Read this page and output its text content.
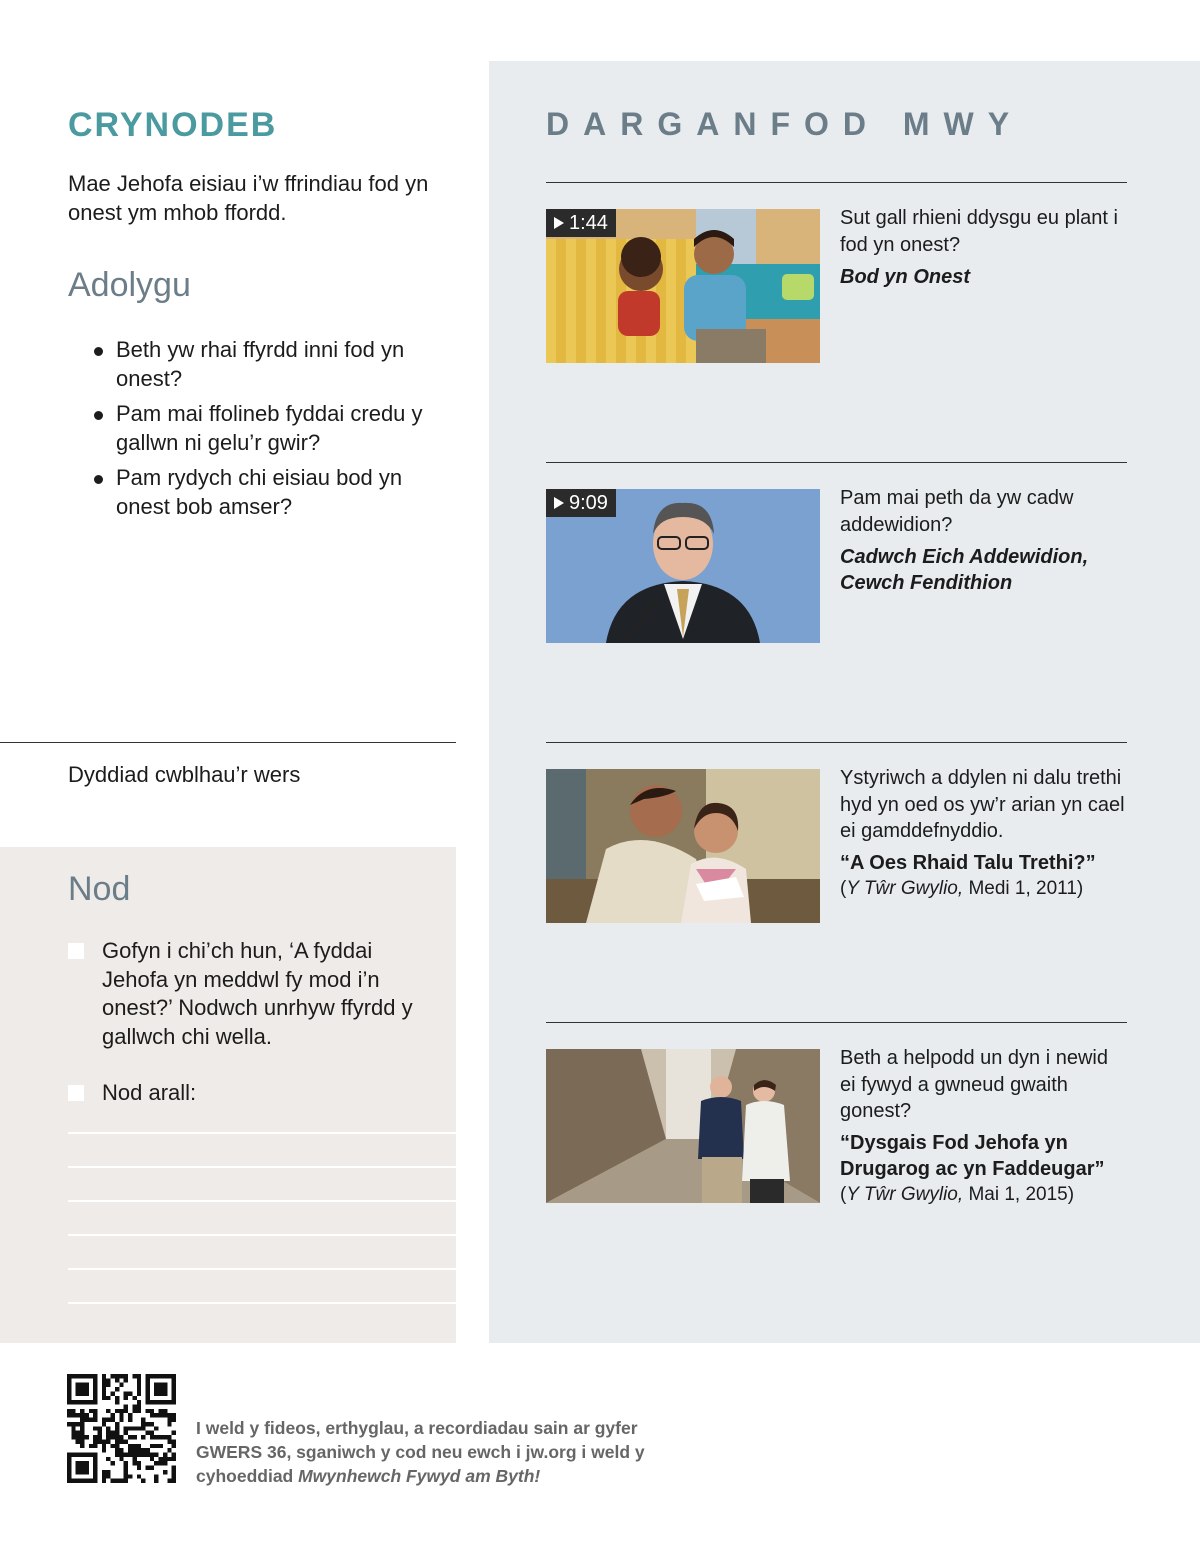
CRYNODEB

Mae Jehofa eisiau i’w ffrindiau fod yn onest ym mhob ffordd.

Adolygu
Beth yw rhai ffyrdd inni fod yn onest?
Pam mai ffolineb fyddai credu y gallwn ni gelu’r gwir?
Pam rydych chi eisiau bod yn onest bob amser?
Dyddiad cwblhau’r wers
Nod
Gofyn i chi’ch hun, ‘A fyddai Jehofa yn meddwl fy mod i’n onest?’ Nodwch unrhyw ffyrdd y gallwch chi wella.
Nod arall:
DARGANFOD MWY
1:44	Sut gall rhieni ddysgu eu plant i fod yn onest?

Bod yn Onest

9:09	Pam mai peth da yw cadw addewidion?

Cadwch Eich Addewidion, Cewch Fendithion

Ystyriwch a ddylen ni dalu trethi hyd yn oed os yw’r arian yn cael ei gamddefnyddio.

“A Oes Rhaid Talu Trethi?”

(Y Tŵr Gwylio, Medi 1, 2011)

Beth a helpodd un dyn i newid ei fywyd a gwneud gwaith gonest?

“Dysgais Fod Jehofa yn Drugarog ac yn Faddeugar”

(Y Tŵr Gwylio, Mai 1, 2015)

I weld y fideos, erthyglau, a recordiadau sain ar gyfer GWERS 36, sganiwch y cod neu ewch i jw.org i weld y cyhoeddiad Mwynhewch Fywyd am Byth!
